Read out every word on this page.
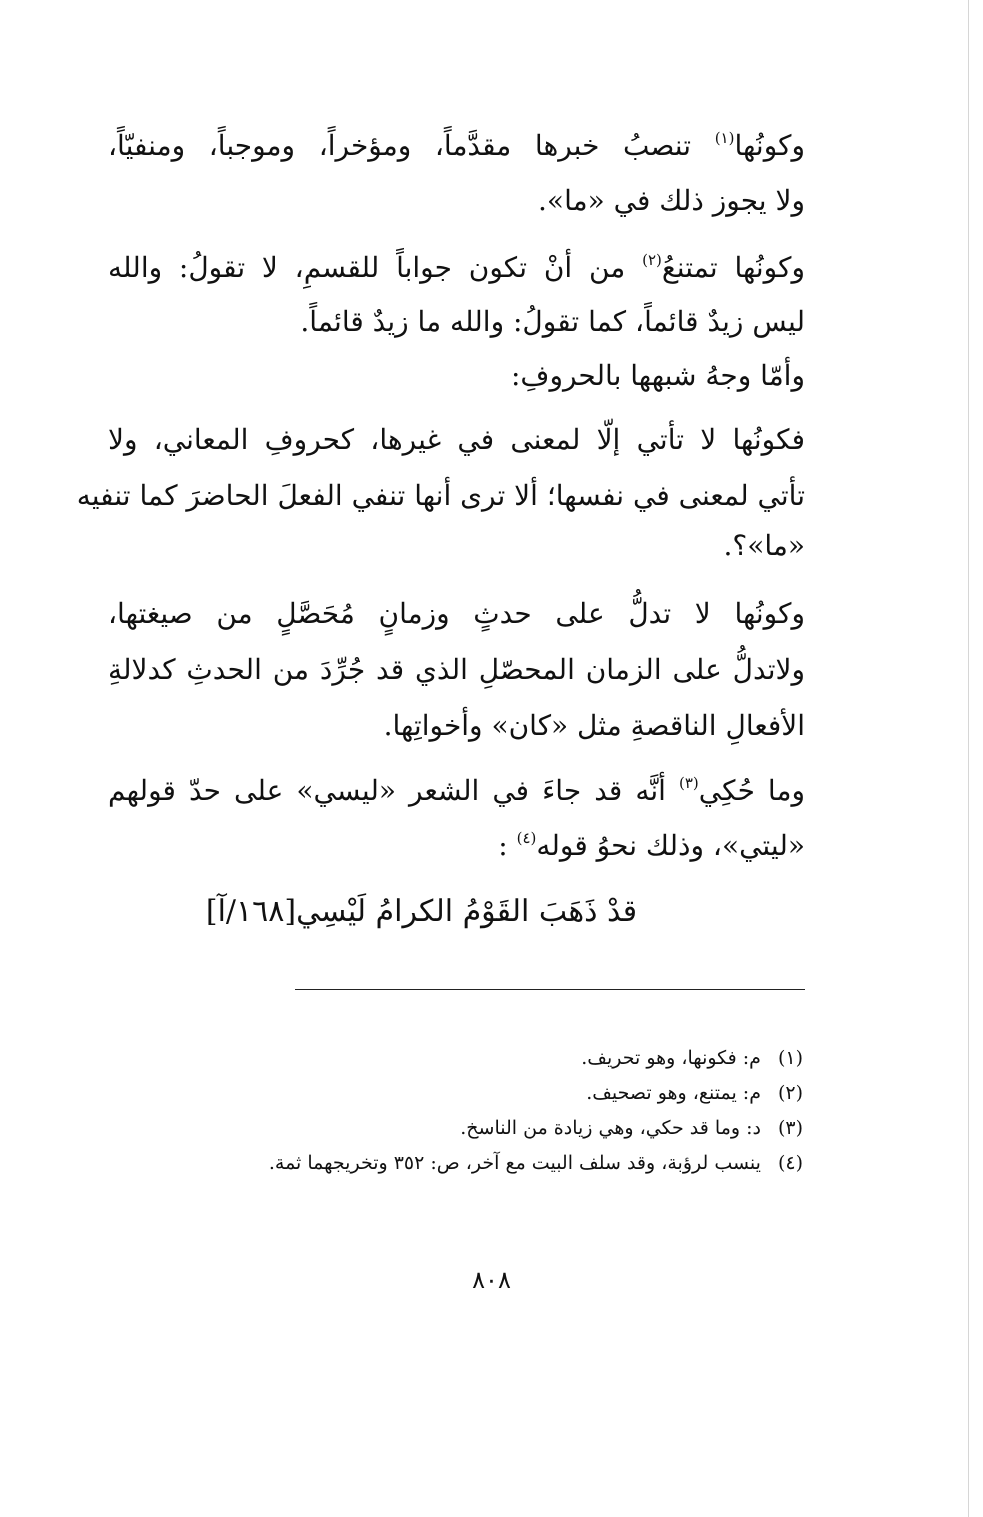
وكونُها$^{(١)}$ تنصبُ خبرها مقدَّماً، ومؤخراً، وموجباً، ومنفيّاً،
ولا يجوز ذلك في «ما».
وكونُها تمتنعُ$^{(٢)}$ من أنْ تكون جواباً للقسمِ، لا تقولُ: والله
ليس زيدٌ قائماً، كما تقولُ: والله ما زيدٌ قائماً.
وأمّا وجهُ شبهها بالحروفِ:
فكونُها لا تأتي إلّا لمعنى في غيرها، كحروفِ المعاني، ولا
تأتي لمعنى في نفسها؛ ألا ترى أنها تنفي الفعلَ الحاضرَ كما تنفيه
«ما»؟.
وكونُها لا تدلُّ على حدثٍ وزمانٍ مُحَصَّلٍ من صيغتها،
ولاتدلُّ على الزمان المحصّلِ الذي قد جُرِّدَ من الحدثِ كدلالةِ
الأفعالِ الناقصةِ مثل «كان» وأخواتِها.
وما حُكِي$^{(٣)}$ أنَّه قد جاءَ في الشعر «ليسي» على حدّ قولهم
«ليتي»، وذلك نحوُ قوله$^{(٤)}$ :
قدْ ذَهَبَ القَوْمُ الكرامُ لَيْسِي[١٦٨/آ]
(١) م: فكونها، وهو تحريف.
(٢) م: يمتنع، وهو تصحيف.
(٣) د: وما قد حكي، وهي زيادة من الناسخ.
(٤) ينسب لرؤبة، وقد سلف البيت مع آخر، ص: ٣٥٢ وتخريجهما ثمة.
٨٠٨
